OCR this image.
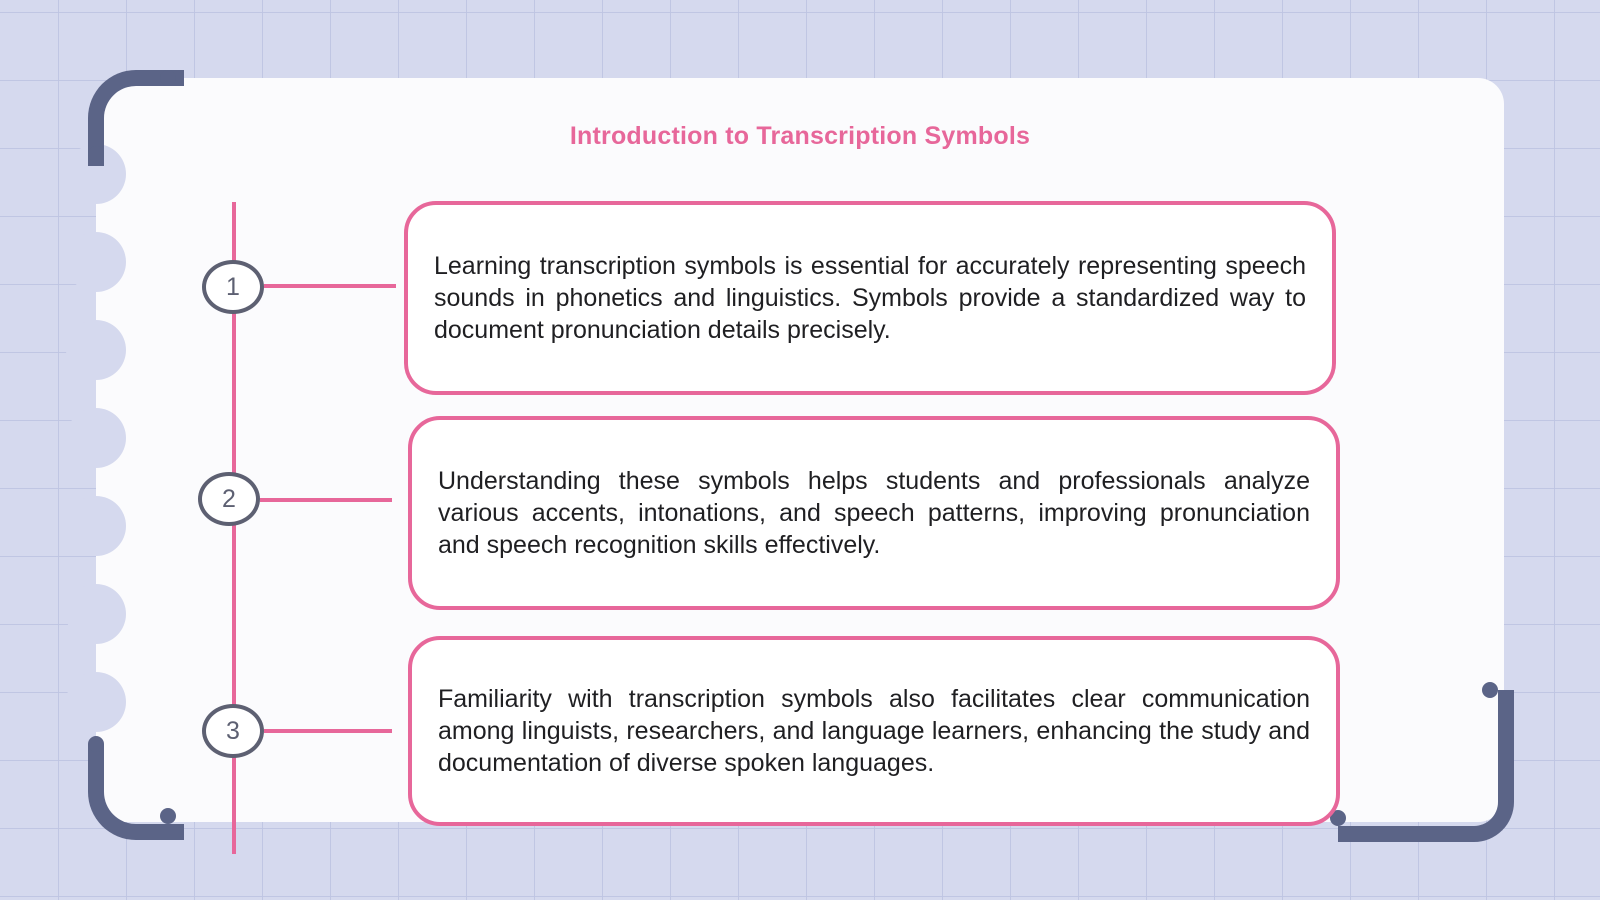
Introduction to Transcription Symbols
1

Learning transcription symbols is essential for accurately representing speech sounds in phonetics and linguistics. Symbols provide a standardized way to document pronunciation details precisely.

2

Understanding these symbols helps students and professionals analyze various accents, intonations, and speech patterns, improving pronunciation and speech recognition skills effectively.

3

Familiarity with transcription symbols also facilitates clear communication among linguists, researchers, and language learners, enhancing the study and documentation of diverse spoken languages.
